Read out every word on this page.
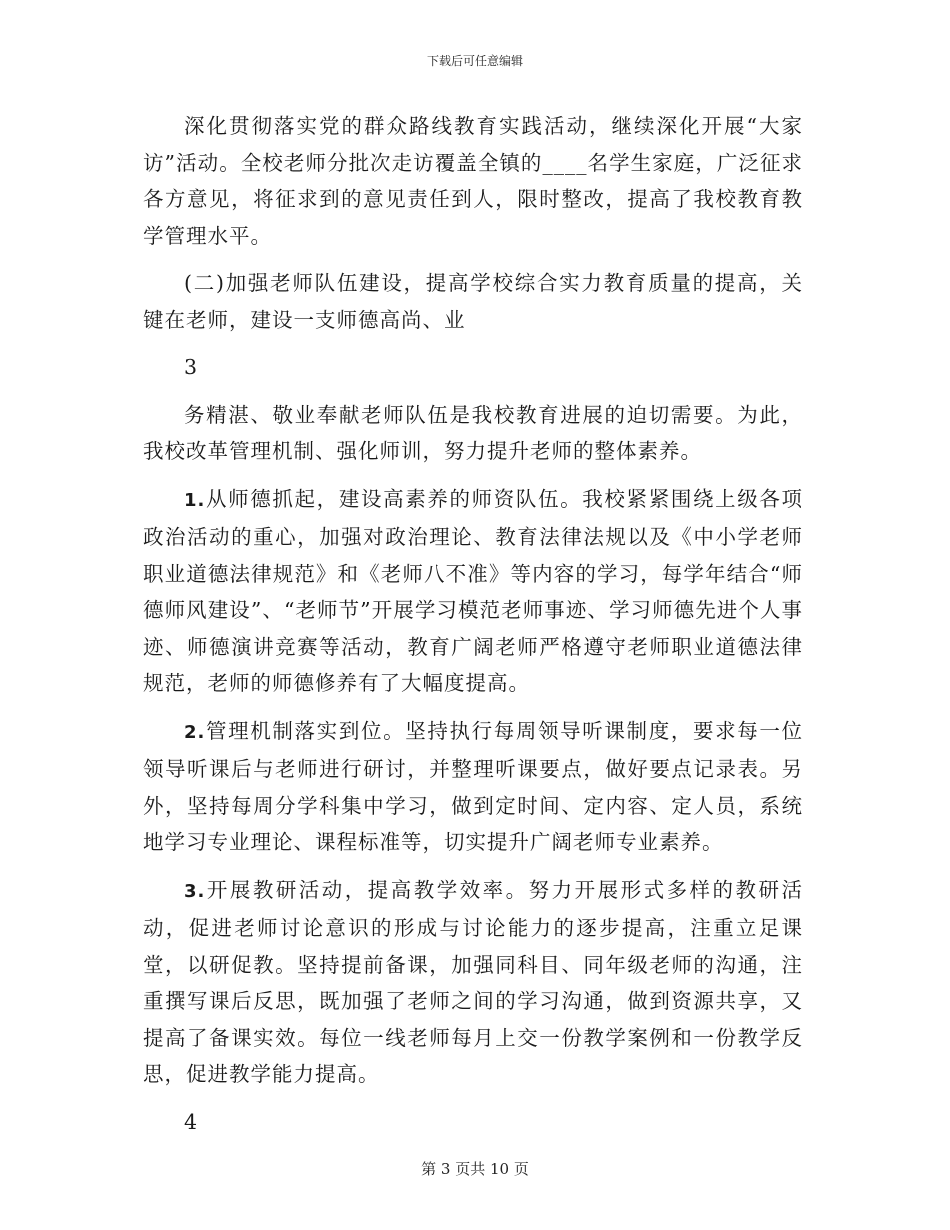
下载后可任意编辑

深化贯彻落实党的群众路线教育实践活动，继续深化开展“大家访”活动。全校老师分批次走访覆盖全镇的____名学生家庭，广泛征求各方意见，将征求到的意见责任到人，限时整改，提高了我校教育教学管理水平。

(二)加强老师队伍建设，提高学校综合实力教育质量的提高，关键在老师，建设一支师德高尚、业

3

务精湛、敬业奉献老师队伍是我校教育进展的迫切需要。为此，我校改革管理机制、强化师训，努力提升老师的整体素养。

1.从师德抓起，建设高素养的师资队伍。我校紧紧围绕上级各项政治活动的重心，加强对政治理论、教育法律法规以及《中小学老师职业道德法律规范》和《老师八不准》等内容的学习，每学年结合“师德师风建设”、“老师节”开展学习模范老师事迹、学习师德先进个人事迹、师德演讲竞赛等活动，教育广阔老师严格遵守老师职业道德法律规范，老师的师德修养有了大幅度提高。

2.管理机制落实到位。坚持执行每周领导听课制度，要求每一位领导听课后与老师进行研讨，并整理听课要点，做好要点记录表。另外，坚持每周分学科集中学习，做到定时间、定内容、定人员，系统地学习专业理论、课程标准等，切实提升广阔老师专业素养。

3.开展教研活动，提高教学效率。努力开展形式多样的教研活动，促进老师讨论意识的形成与讨论能力的逐步提高，注重立足课堂，以研促教。坚持提前备课，加强同科目、同年级老师的沟通，注重撰写课后反思，既加强了老师之间的学习沟通，做到资源共享，又提高了备课实效。每位一线老师每月上交一份教学案例和一份教学反思，促进教学能力提高。

4

第 3 页共 10 页
